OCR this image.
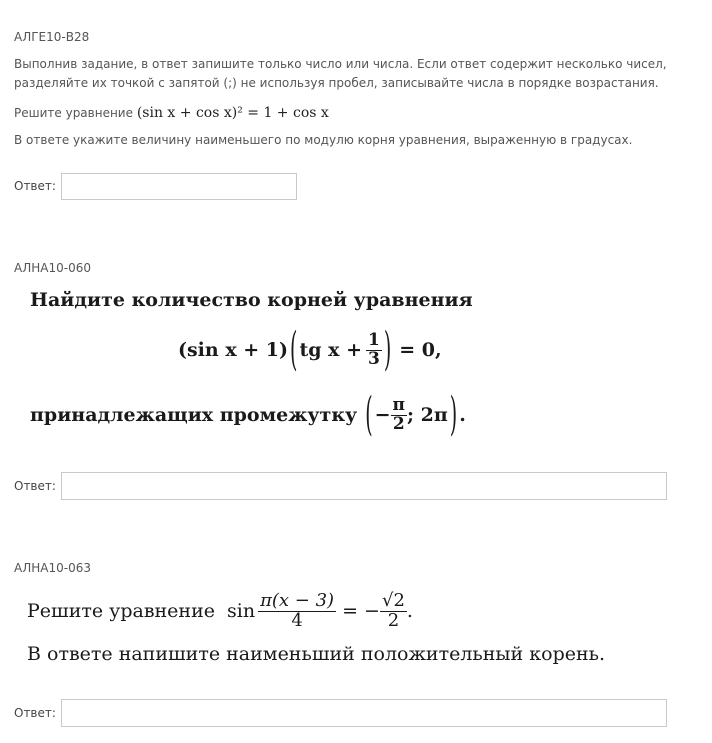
АЛГЕ10-В28
Выполнив задание, в ответ запишите только число или числа. Если ответ содержит несколько чисел, разделяйте их точкой с запятой (;) не используя пробел, записывайте числа в порядке возрастания.
Решите уравнение (sin x + cos x)² = 1 + cos x
В ответе укажите величину наименьшего по модулю корня уравнения, выраженную в градусах.
Ответ:
АЛНА10-060
Найдите количество корней уравнения
(sin x + 1) ( tg $x + \frac{1}{3}$ ) = 0,
принадлежащих промежутку ( − $\frac{\pi}{2}$ ; 2π ) .
Ответ:
АЛНА10-063
Решите уравнение $\sin \frac{\pi(x - 3)}{4}$ = − $\frac{√2}{2}$ .
В ответе напишите наименьший положительный корень.
Ответ:
